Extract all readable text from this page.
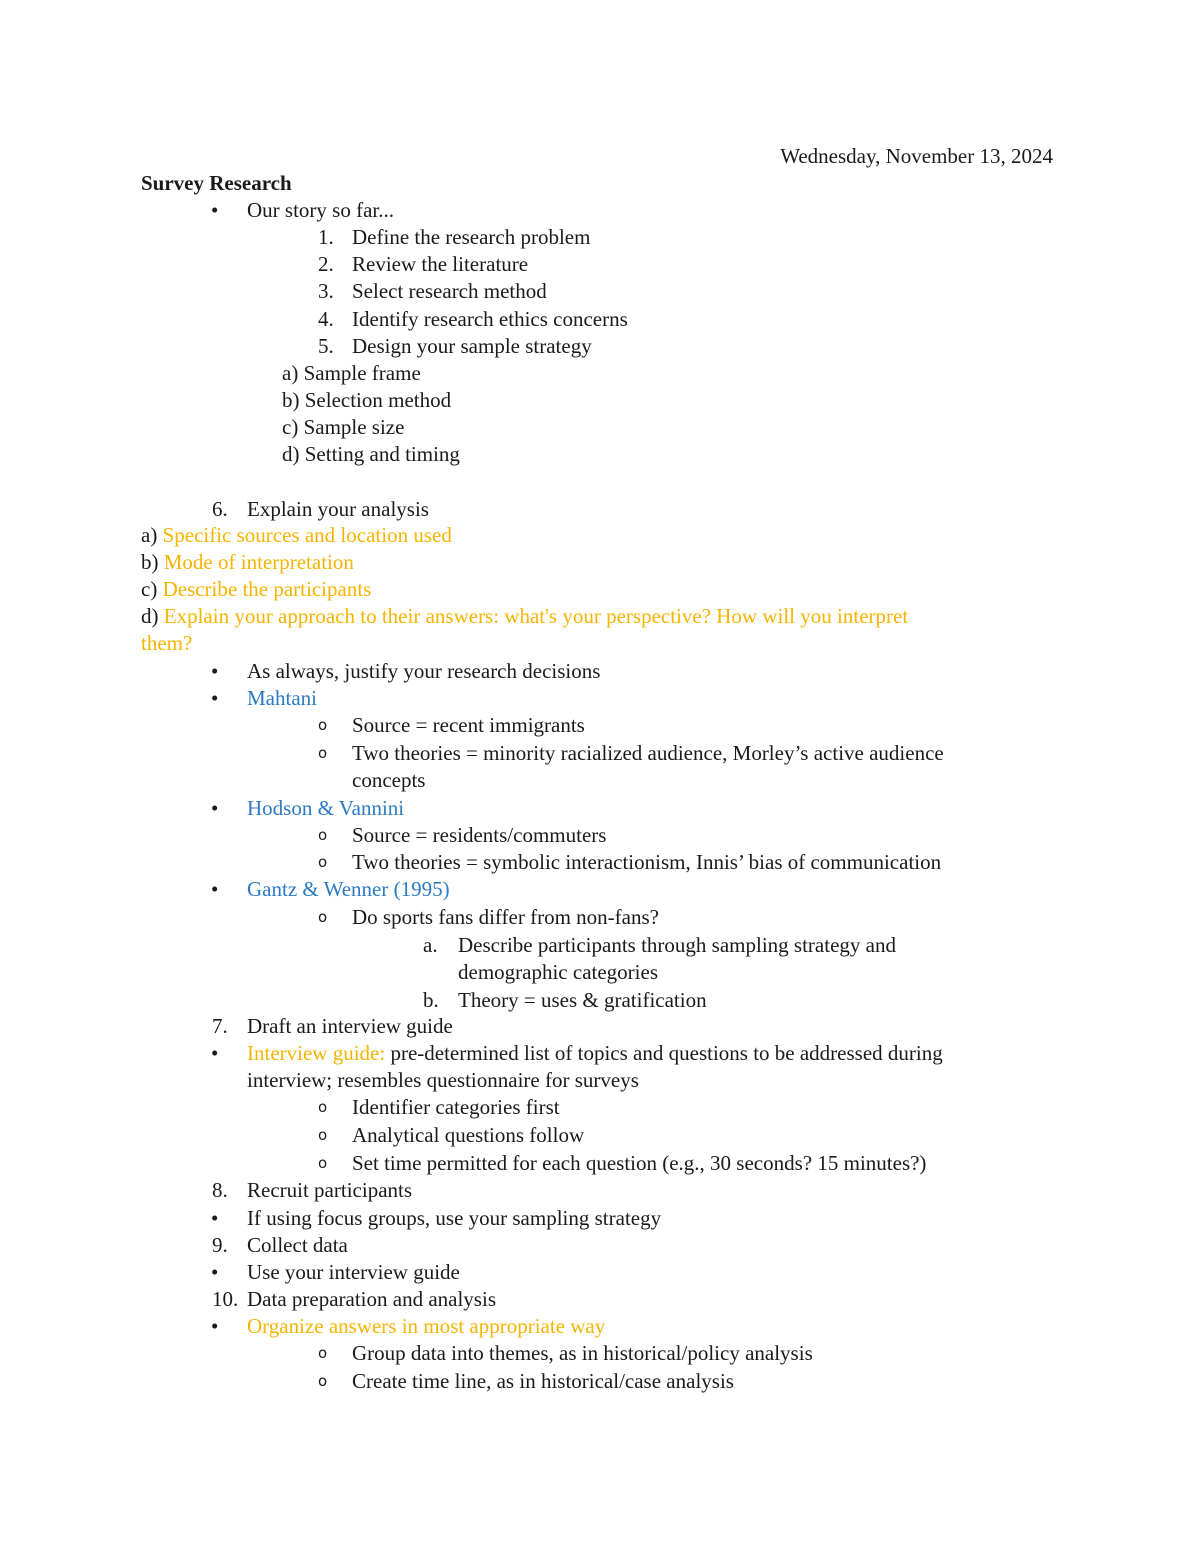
Wednesday, November 13, 2024
Survey Research
•
Our story so far...
1. Define the research problem
2. Review the literature
3. Select research method
4. Identify research ethics concerns
5. Design your sample strategy
a) Sample frame
b) Selection method
c) Sample size
d) Setting and timing
6. Explain your analysis
a) Specific sources and location used
b) Mode of interpretation
c) Describe the participants
d) Explain your approach to their answers: what's your perspective? How will you interpret
them?
•
As always, justify your research decisions
•
Mahtani
o Source = recent immigrants
o Two theories = minority racialized audience, Morley’s active audience
concepts
•
Hodson & Vannini
o Source = residents/commuters
o Two theories = symbolic interactionism, Innis’ bias of communication
•
Gantz & Wenner (1995)
o Do sports fans differ from non-fans?
a. Describe participants through sampling strategy and
demographic categories
b. Theory = uses & gratification
7. Draft an interview guide
•
Interview guide: pre-determined list of topics and questions to be addressed during
interview; resembles questionnaire for surveys
o Identifier categories first
o Analytical questions follow
o Set time permitted for each question (e.g., 30 seconds? 15 minutes?)
8. Recruit participants
•
If using focus groups, use your sampling strategy
9. Collect data
•
Use your interview guide
10. Data preparation and analysis
•
Organize answers in most appropriate way
o Group data into themes, as in historical/policy analysis
o Create time line, as in historical/case analysis
